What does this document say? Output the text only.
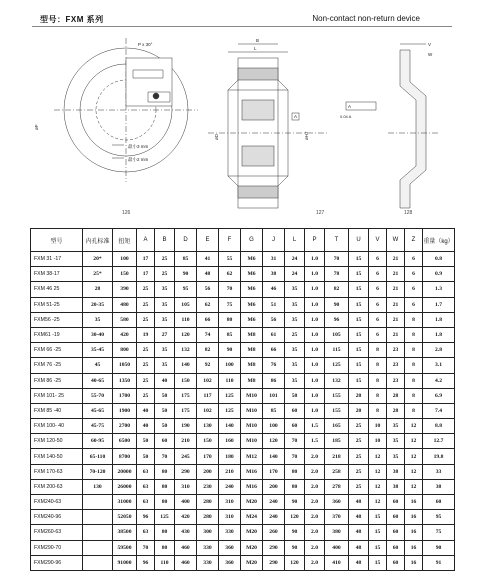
型号：FXM 系列	Non-contact non-return device
P x 30°
最小3 mm
最小2 mm
øF
B
L
A
øD	øH7
A
0.04 A
V
W
126	127	128
型号	内孔标准	扭矩	A	B	D	E	F	G	J	L	P	T	U	V	W	Z	重量（kg）
FXM 31 -17	20*	100	17	25	85	41	55	M6	31	24	1.0	70	15	6	21	6	0.8
FXM 38-17	25*	150	17	25	90	48	62	M6	38	24	1.0	78	15	6	21	6	0.9
FXM 46 25	28	390	25	35	95	56	70	M6	46	35	1.0	82	15	6	21	6	1.3
FXM 51-25	20-35	480	25	35	105	62	75	M6	51	35	1.0	90	15	6	21	6	1.7
FXM56 -25	35	580	25	35	110	66	80	M6	56	35	1.0	96	15	6	21	8	1.8
FXM61 -19	30-40	420	19	27	120	74	85	M8	61	25	1.0	105	15	6	21	8	1.8
FXM 66 -25	35-45	800	25	35	132	82	90	M8	66	35	1.0	115	15	8	23	8	2.8
FXM 76 -25	45	1050	25	35	140	92	100	M8	76	35	1.0	125	15	8	23	8	3.1
FXM 86 -25	40-65	1350	25	40	150	102	110	M8	86	35	1.0	132	15	8	23	8	4.2
FXM 101- 25	55-70	1700	25	50	175	117	125	M10	101	50	1.0	155	20	8	28	8	6.9
FXM 85 -40	45-65	1900	40	50	175	102	125	M10	85	60	1.0	155	20	8	28	8	7.4
FXM 100- 40	45-75	2700	40	50	190	130	140	M10	100	60	1.5	165	25	10	35	12	8.8
FXM 120-50	60-95	6500	50	60	210	150	160	M10	120	70	1.5	185	25	10	35	12	12.7
FXM 140-50	65-110	8700	50	70	245	170	180	M12	140	70	2.0	218	25	12	35	12	19.8
FXM 170-63	70-120	20000	63	80	290	200	210	M16	170	80	2.0	258	25	12	38	12	33
FXM 200-63	130	26000	63	80	310	230	240	M16	200	80	2.0	278	25	12	38	12	38
FXM240-63		31000	63	80	400	280	310	M20	240	90	2.0	360	48	12	60	16	60
FXM240-96		52050	96	125	420	280	310	M24	240	120	2.0	370	48	15	60	16	95
FXM260-63		38500	63	80	430	300	330	M20	260	90	2.0	380	48	15	60	16	75
FXM290-70		59500	70	80	460	330	360	M20	290	90	2.0	400	48	15	60	16	90
FXM290-96		91000	96	110	460	330	360	M20	290	120	2.0	410	48	15	60	16	91
